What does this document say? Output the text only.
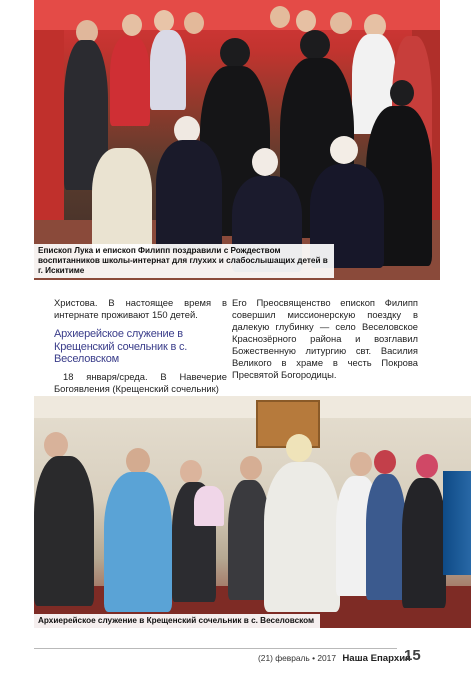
Епископ Лука и епископ Филипп поздравили с Рождеством воспитанников школы-интернат для глухих и слабослышащих детей в г. Искитиме

Христова. В настоящее время в интернате проживают 150 детей.

Архиерейское служение в Крещенский сочельник в с. Веселовском

18 января/среда. В Навечерие Богоявления (Крещенский сочельник)

Его Преосвященство епископ Филипп совершил миссионерскую поездку в далекую глубинку — село Веселовское Краснозёрного района и возглавил Божественную литургию свт. Василия Великого в храме в честь Покрова Пресвятой Богородицы.

Архиерейское служение в Крещенский сочельник в с. Веселовском
(21) февраль • 2017 Наша Епархия
15
